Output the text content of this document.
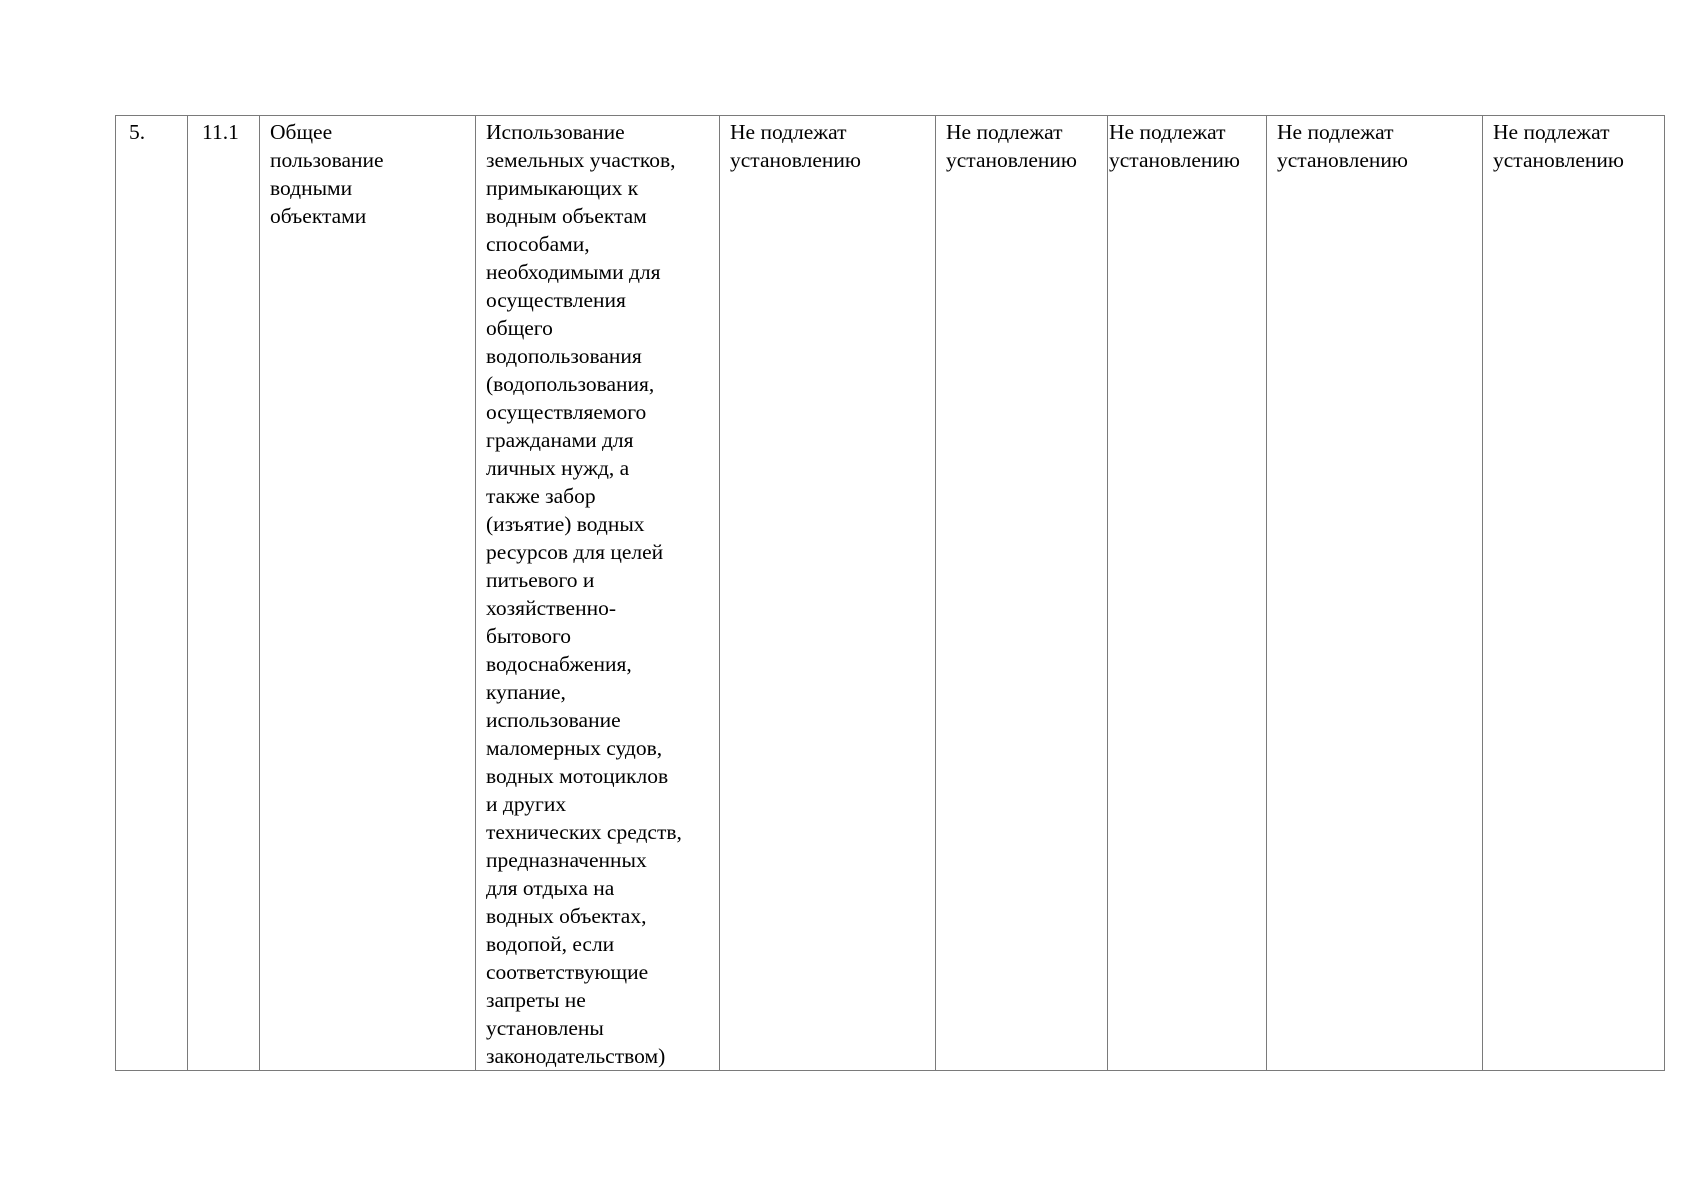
5.	11.1	Общее
пользование
водными
объектами	Использование
земельных участков,
примыкающих к
водным объектам
способами,
необходимыми для
осуществления
общего
водопользования
(водопользования,
осуществляемого
гражданами для
личных нужд, а
также забор
(изъятие) водных
ресурсов для целей
питьевого и
хозяйственно-
бытового
водоснабжения,
купание,
использование
маломерных судов,
водных мотоциклов
и других
технических средств,
предназначенных
для отдыха на
водных объектах,
водопой, если
соответствующие
запреты не
установлены
законодательством)	Не подлежат
установлению	Не подлежат
установлению	Не подлежат
установлению	Не подлежат
установлению	Не подлежат
установлению
